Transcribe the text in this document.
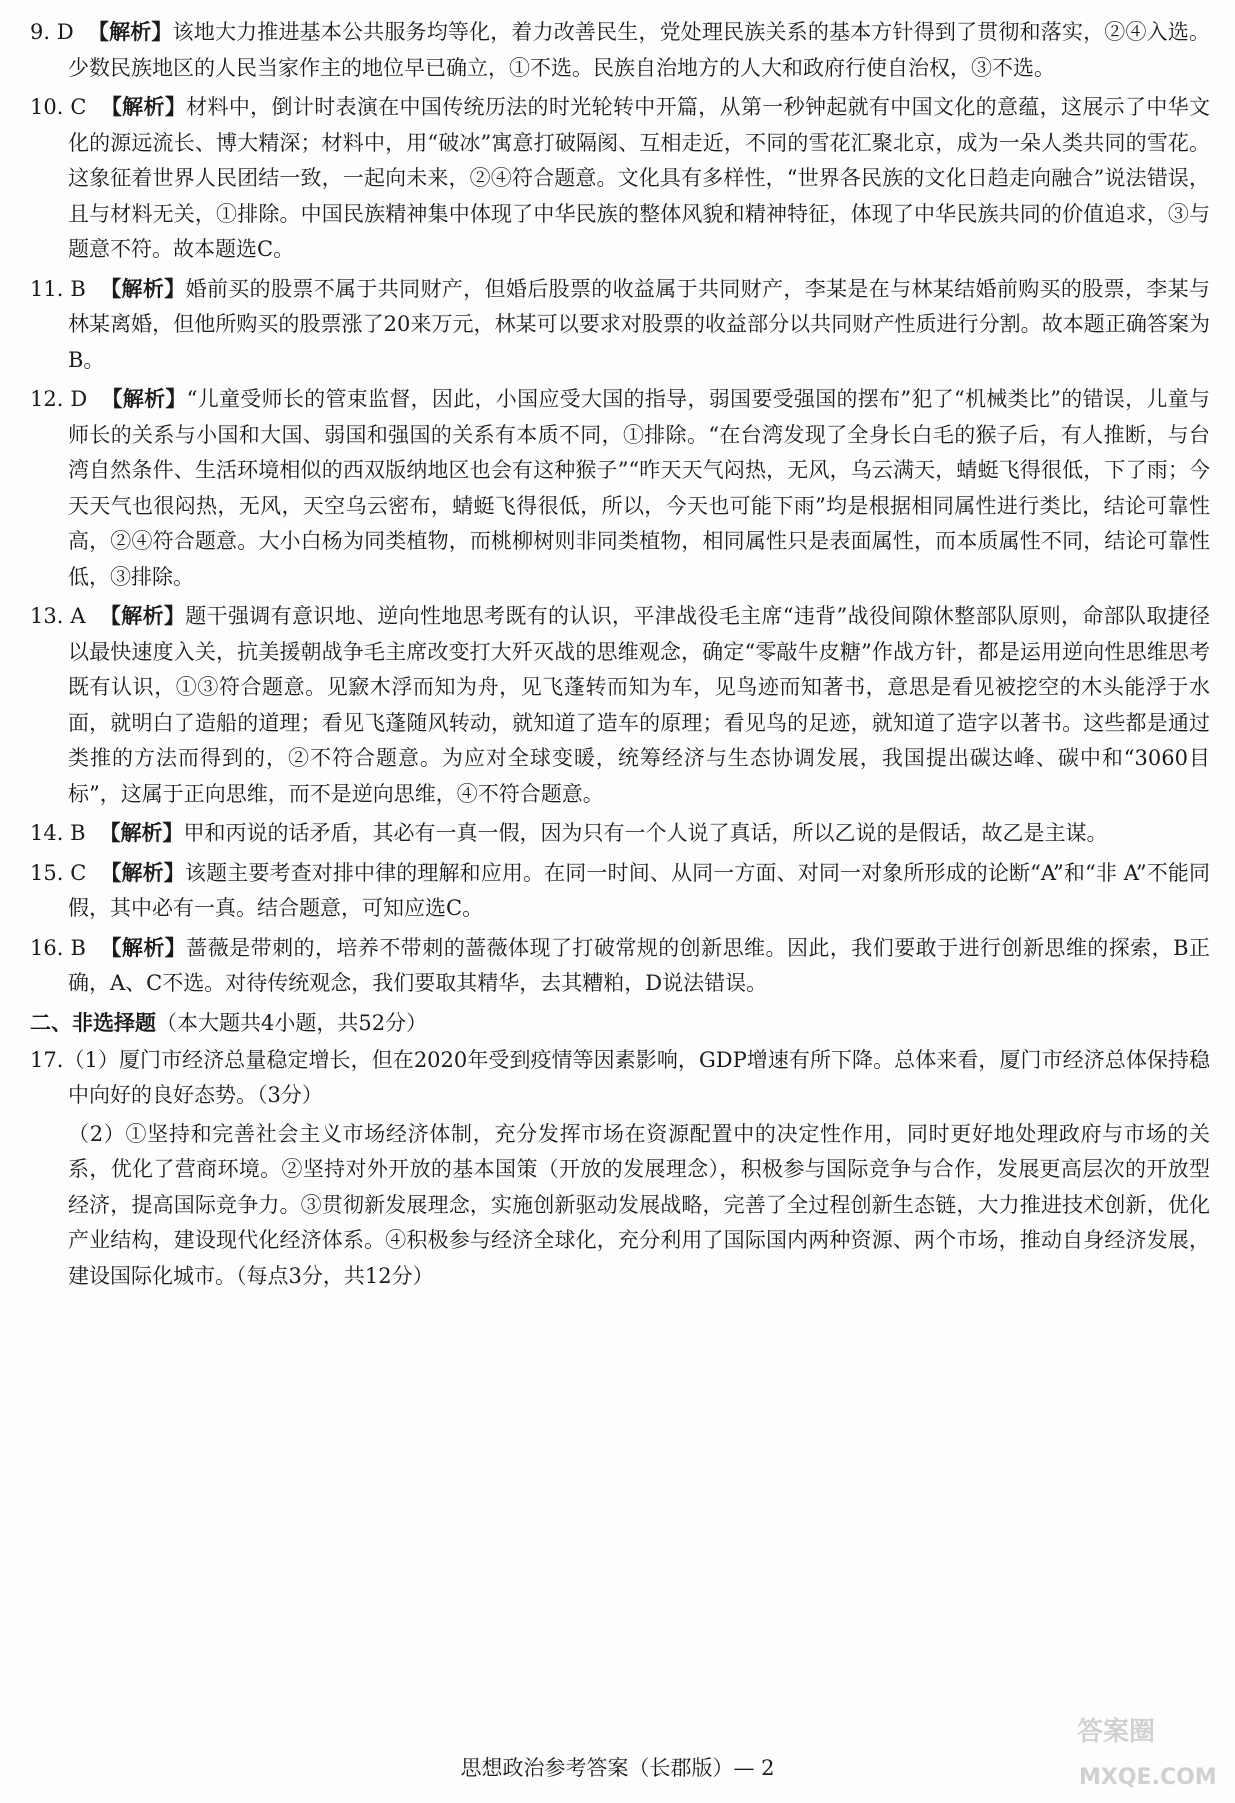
9. D 【解析】该地大力推进基本公共服务均等化，着力改善民生，党处理民族关系的基本方针得到了贯彻和落实，②④入选。少数民族地区的人民当家作主的地位早已确立，①不选。民族自治地方的人大和政府行使自治权，③不选。

10. C 【解析】材料中，倒计时表演在中国传统历法的时光轮转中开篇，从第一秒钟起就有中国文化的意蕴，这展示了中华文化的源远流长、博大精深；材料中，用“破冰”寓意打破隔阂、互相走近，不同的雪花汇聚北京，成为一朵人类共同的雪花。这象征着世界人民团结一致，一起向未来，②④符合题意。文化具有多样性，“世界各民族的文化日趋走向融合”说法错误，且与材料无关，①排除。中国民族精神集中体现了中华民族的整体风貌和精神特征，体现了中华民族共同的价值追求，③与题意不符。故本题选C。

11. B 【解析】婚前买的股票不属于共同财产，但婚后股票的收益属于共同财产，李某是在与林某结婚前购买的股票，李某与林某离婚，但他所购买的股票涨了20来万元，林某可以要求对股票的收益部分以共同财产性质进行分割。故本题正确答案为B。

12. D 【解析】“儿童受师长的管束监督，因此，小国应受大国的指导，弱国要受强国的摆布”犯了“机械类比”的错误，儿童与师长的关系与小国和大国、弱国和强国的关系有本质不同，①排除。“在台湾发现了全身长白毛的猴子后，有人推断，与台湾自然条件、生活环境相似的西双版纳地区也会有这种猴子”“昨天天气闷热，无风，乌云满天，蜻蜓飞得很低，下了雨；今天天气也很闷热，无风，天空乌云密布，蜻蜓飞得很低，所以，今天也可能下雨”均是根据相同属性进行类比，结论可靠性高，②④符合题意。大小白杨为同类植物，而桃柳树则非同类植物，相同属性只是表面属性，而本质属性不同，结论可靠性低，③排除。

13. A 【解析】题干强调有意识地、逆向性地思考既有的认识，平津战役毛主席“违背”战役间隙休整部队原则，命部队取捷径以最快速度入关，抗美援朝战争毛主席改变打大歼灭战的思维观念，确定“零敲牛皮糖”作战方针，都是运用逆向性思维思考既有认识，①③符合题意。见窾木浮而知为舟，见飞蓬转而知为车，见鸟迹而知著书，意思是看见被挖空的木头能浮于水面，就明白了造船的道理；看见飞蓬随风转动，就知道了造车的原理；看见鸟的足迹，就知道了造字以著书。这些都是通过类推的方法而得到的，②不符合题意。为应对全球变暖，统筹经济与生态协调发展，我国提出碳达峰、碳中和“3060目标”，这属于正向思维，而不是逆向思维，④不符合题意。

14. B 【解析】甲和丙说的话矛盾，其必有一真一假，因为只有一个人说了真话，所以乙说的是假话，故乙是主谋。

15. C 【解析】该题主要考查对排中律的理解和应用。在同一时间、从同一方面、对同一对象所形成的论断“A”和“非 A”不能同假，其中必有一真。结合题意，可知应选C。

16. B 【解析】蔷薇是带刺的，培养不带刺的蔷薇体现了打破常规的创新思维。因此，我们要敢于进行创新思维的探索，B正确，A、C不选。对待传统观念，我们要取其精华，去其糟粕，D说法错误。

二、非选择题（本大题共4小题，共52分）

17.（1）厦门市经济总量稳定增长，但在2020年受到疫情等因素影响，GDP增速有所下降。总体来看，厦门市经济总体保持稳中向好的良好态势。（3分）

（2）①坚持和完善社会主义市场经济体制，充分发挥市场在资源配置中的决定性作用，同时更好地处理政府与市场的关系，优化了营商环境。②坚持对外开放的基本国策（开放的发展理念），积极参与国际竞争与合作，发展更高层次的开放型经济，提高国际竞争力。③贯彻新发展理念，实施创新驱动发展战略，完善了全过程创新生态链，大力推进技术创新，优化产业结构，建设现代化经济体系。④积极参与经济全球化，充分利用了国际国内两种资源、两个市场，推动自身经济发展，建设国际化城市。（每点3分，共12分）

思想政治参考答案（长郡版）— 2
答案圈
MXQE.COM
